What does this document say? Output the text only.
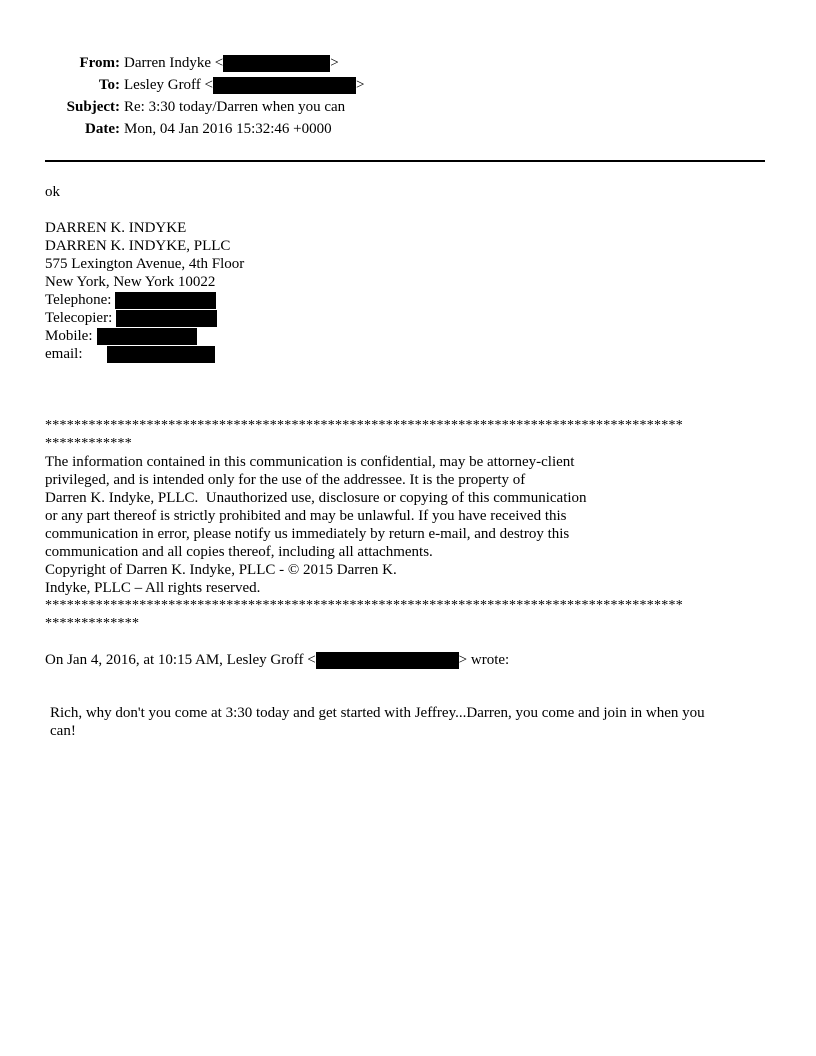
From: Darren Indyke <	>
To: Lesley Groff <	>
Subject: Re: 3:30 today/Darren when you can
Date: Mon, 04 Jan 2016 15:32:46 +0000
ok
DARREN K. INDYKE
DARREN K. INDYKE, PLLC
575 Lexington Avenue, 4th Floor
New York, New York 10022
Telephone:
Telecopier:
Mobile:
email:
****************************************************************************************
************
The information contained in this communication is confidential, may be attorney-client
privileged, and is intended only for the use of the addressee. It is the property of
Darren K. Indyke, PLLC.  Unauthorized use, disclosure or copying of this communication
or any part thereof is strictly prohibited and may be unlawful. If you have received this
communication in error, please notify us immediately by return e-mail, and destroy this
communication and all copies thereof, including all attachments.
Copyright of Darren K. Indyke, PLLC - © 2015 Darren K.
Indyke, PLLC – All rights reserved.
****************************************************************************************
*************
On Jan 4, 2016, at 10:15 AM, Lesley Groff <	> wrote:
Rich, why don't you come at 3:30 today and get started with Jeffrey...Darren, you come and join in when you
can!
